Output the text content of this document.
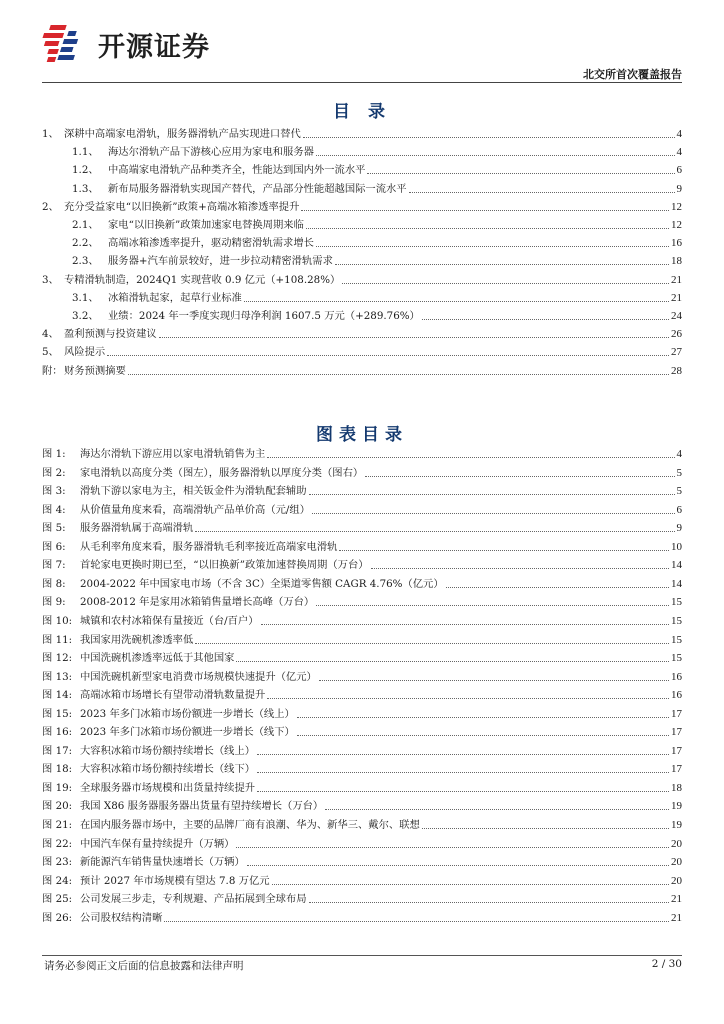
开源证券
北交所首次覆盖报告
目 录
1、 深耕中高端家电滑轨，服务器滑轨产品实现进口替代	4
1.1、 海达尔滑轨产品下游核心应用为家电和服务器	4
1.2、 中高端家电滑轨产品种类齐全，性能达到国内外一流水平	6
1.3、 新布局服务器滑轨实现国产替代，产品部分性能超越国际一流水平	9
2、 充分受益家电“以旧换新”政策+高端冰箱渗透率提升	12
2.1、 家电“以旧换新”政策加速家电替换周期来临	12
2.2、 高端冰箱渗透率提升，驱动精密滑轨需求增长	16
2.3、 服务器+汽车前景较好，进一步拉动精密滑轨需求	18
3、 专精滑轨制造，2024Q1 实现营收 0.9 亿元（+108.28%）	21
3.1、 冰箱滑轨起家，起草行业标准	21
3.2、 业绩：2024 年一季度实现归母净利润 1607.5 万元（+289.76%）	24
4、 盈利预测与投资建议	26
5、 风险提示	27
附： 财务预测摘要	28
图表目录
图 1:	海达尔滑轨下游应用以家电滑轨销售为主	4
图 2:	家电滑轨以高度分类（图左），服务器滑轨以厚度分类（图右）	5
图 3:	滑轨下游以家电为主，相关钣金件为滑轨配套辅助	5
图 4:	从价值量角度来看，高端滑轨产品单价高（元/组）	6
图 5:	服务器滑轨属于高端滑轨	9
图 6:	从毛利率角度来看，服务器滑轨毛利率接近高端家电滑轨	10
图 7:	首轮家电更换时期已至，“以旧换新”政策加速替换周期（万台）	14
图 8:	2004-2022 年中国家电市场（不含 3C）全渠道零售额 CAGR 4.76%（亿元）	14
图 9:	2008-2012 年是家用冰箱销售量增长高峰（万台）	15
图 10: 城镇和农村冰箱保有量接近（台/百户）	15
图 11: 我国家用洗碗机渗透率低	15
图 12: 中国洗碗机渗透率远低于其他国家	15
图 13: 中国洗碗机新型家电消费市场规模快速提升（亿元）	16
图 14: 高端冰箱市场增长有望带动滑轨数量提升	16
图 15: 2023 年多门冰箱市场份额进一步增长（线上）	17
图 16: 2023 年多门冰箱市场份额进一步增长（线下）	17
图 17: 大容积冰箱市场份额持续增长（线上）	17
图 18: 大容积冰箱市场份额持续增长（线下）	17
图 19: 全球服务器市场规模和出货量持续提升	18
图 20: 我国 X86 服务器服务器出货量有望持续增长（万台）	19
图 21: 在国内服务器市场中，主要的品牌厂商有浪潮、华为、新华三、戴尔、联想	19
图 22: 中国汽车保有量持续提升（万辆）	20
图 23: 新能源汽车销售量快速增长（万辆）	20
图 24: 预计 2027 年市场规模有望达 7.8 万亿元	20
图 25: 公司发展三步走，专利规避、产品拓展到全球布局	21
图 26: 公司股权结构清晰	21
请务必参阅正文后面的信息披露和法律声明	2 / 30
